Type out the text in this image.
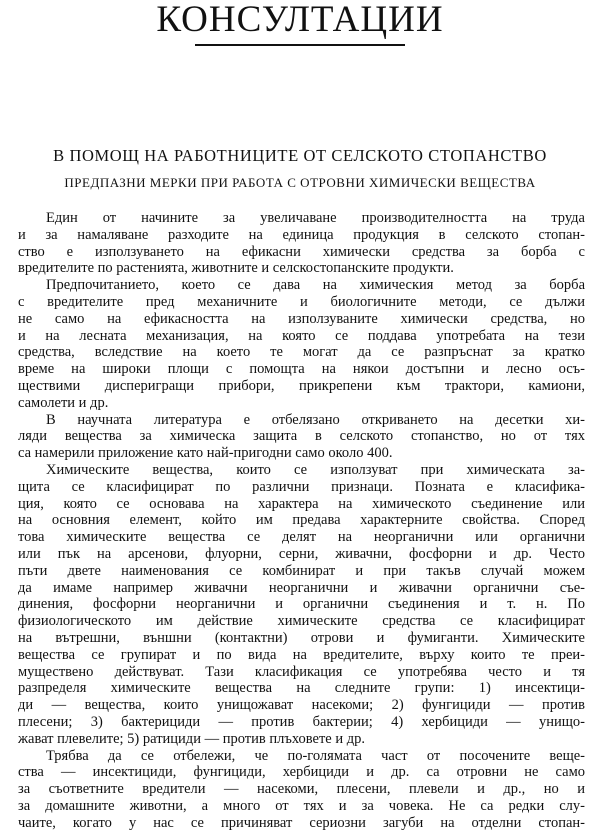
КОНСУЛТАЦИИ
В ПОМОЩ НА РАБОТНИЦИТЕ ОТ СЕЛСКОТО СТОПАНСТВО
ПРЕДПАЗНИ МЕРКИ ПРИ РАБОТА С ОТРОВНИ ХИМИЧЕСКИ ВЕЩЕСТВА
Един от начините за увеличаване производителността на труда
и за намаляване разходите на единица продукция в селското стопан-
ство е използуването на ефикасни химически средства за борба с
вредителите по растенията, животните и селскостопанските продукти.
Предпочитанието, което се дава на химическия метод за борба
с вредителите пред механичните и биологичните методи, се дължи
не само на ефикасността на използуваните химически средства, но
и на лесната механизация, на която се поддава употребата на тези
средства, вследствие на което те могат да се разпръснат за кратко
време на широки площи с помощта на някои достъпни и лесно осъ-
ществими дисперигращи прибори, прикрепени към трактори, камиони,
самолети и др.
В научната литература е отбелязано откриването на десетки хи-
ляди вещества за химическа защита в селското стопанство, но от тях
са намерили приложение като най-пригодни само около 400.
Химическите вещества, които се използуват при химическата за-
щита се класифицират по различни признаци. Позната е класифика-
ция, която се основава на характера на химическото съединение или
на основния елемент, който им предава характерните свойства. Според
това химическите вещества се делят на неорганични или органични
или пък на арсенови, флуорни, серни, живачни, фосфорни и др. Често
пъти двете наименования се комбинират и при такъв случай можем
да имаме например живачни неорганични и живачни органични съе-
динения, фосфорни неорганични и органични съединения и т. н. По
физиологическото им действие химическите средства се класифицират
на вътрешни, външни (контактни) отрови и фумиганти. Химическите
вещества се групират и по вида на вредителите, върху които те преи-
муществено действуват. Тази класификация се употребява често и тя
разпределя химическите вещества на следните групи: 1) инсектици-
ди — вещества, които унищожават насекоми; 2) фунгициди — против
плесени; 3) бактерициди — против бактерии; 4) хербициди — унищо-
жават плевелите; 5) ратициди — против плъховете и др.
Трябва да се отбележи, че по-голямата част от посочените веще-
ства — инсектициди, фунгициди, хербициди и др. са отровни не само
за съответните вредители — насекоми, плесени, плевели и др., но и
за домашните животни, а много от тях и за човека. Не са редки слу-
чаите, когато у нас се причиняват сериозни загуби на отделни стопан-
